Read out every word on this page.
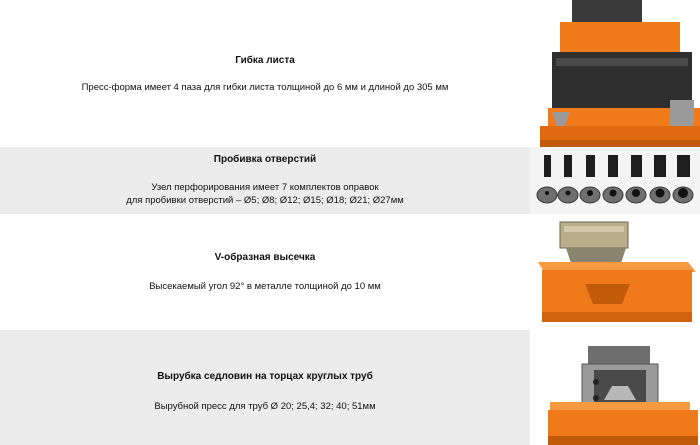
Гибка листа
Пресс-форма имеет 4 паза для гибки листа толщиной до 6 мм и длиной до 305 мм
Пробивка отверстий
Узел перфорирования имеет 7 комплектов оправок
для пробивки отверстий – Ø5; Ø8; Ø12; Ø15; Ø18; Ø21; Ø27мм
V-образная высечка
Высекаемый угол 92° в металле толщиной до 10 мм
Вырубка седловин на торцах круглых труб
Вырубной пресс для труб Ø 20; 25,4; 32; 40; 51мм
